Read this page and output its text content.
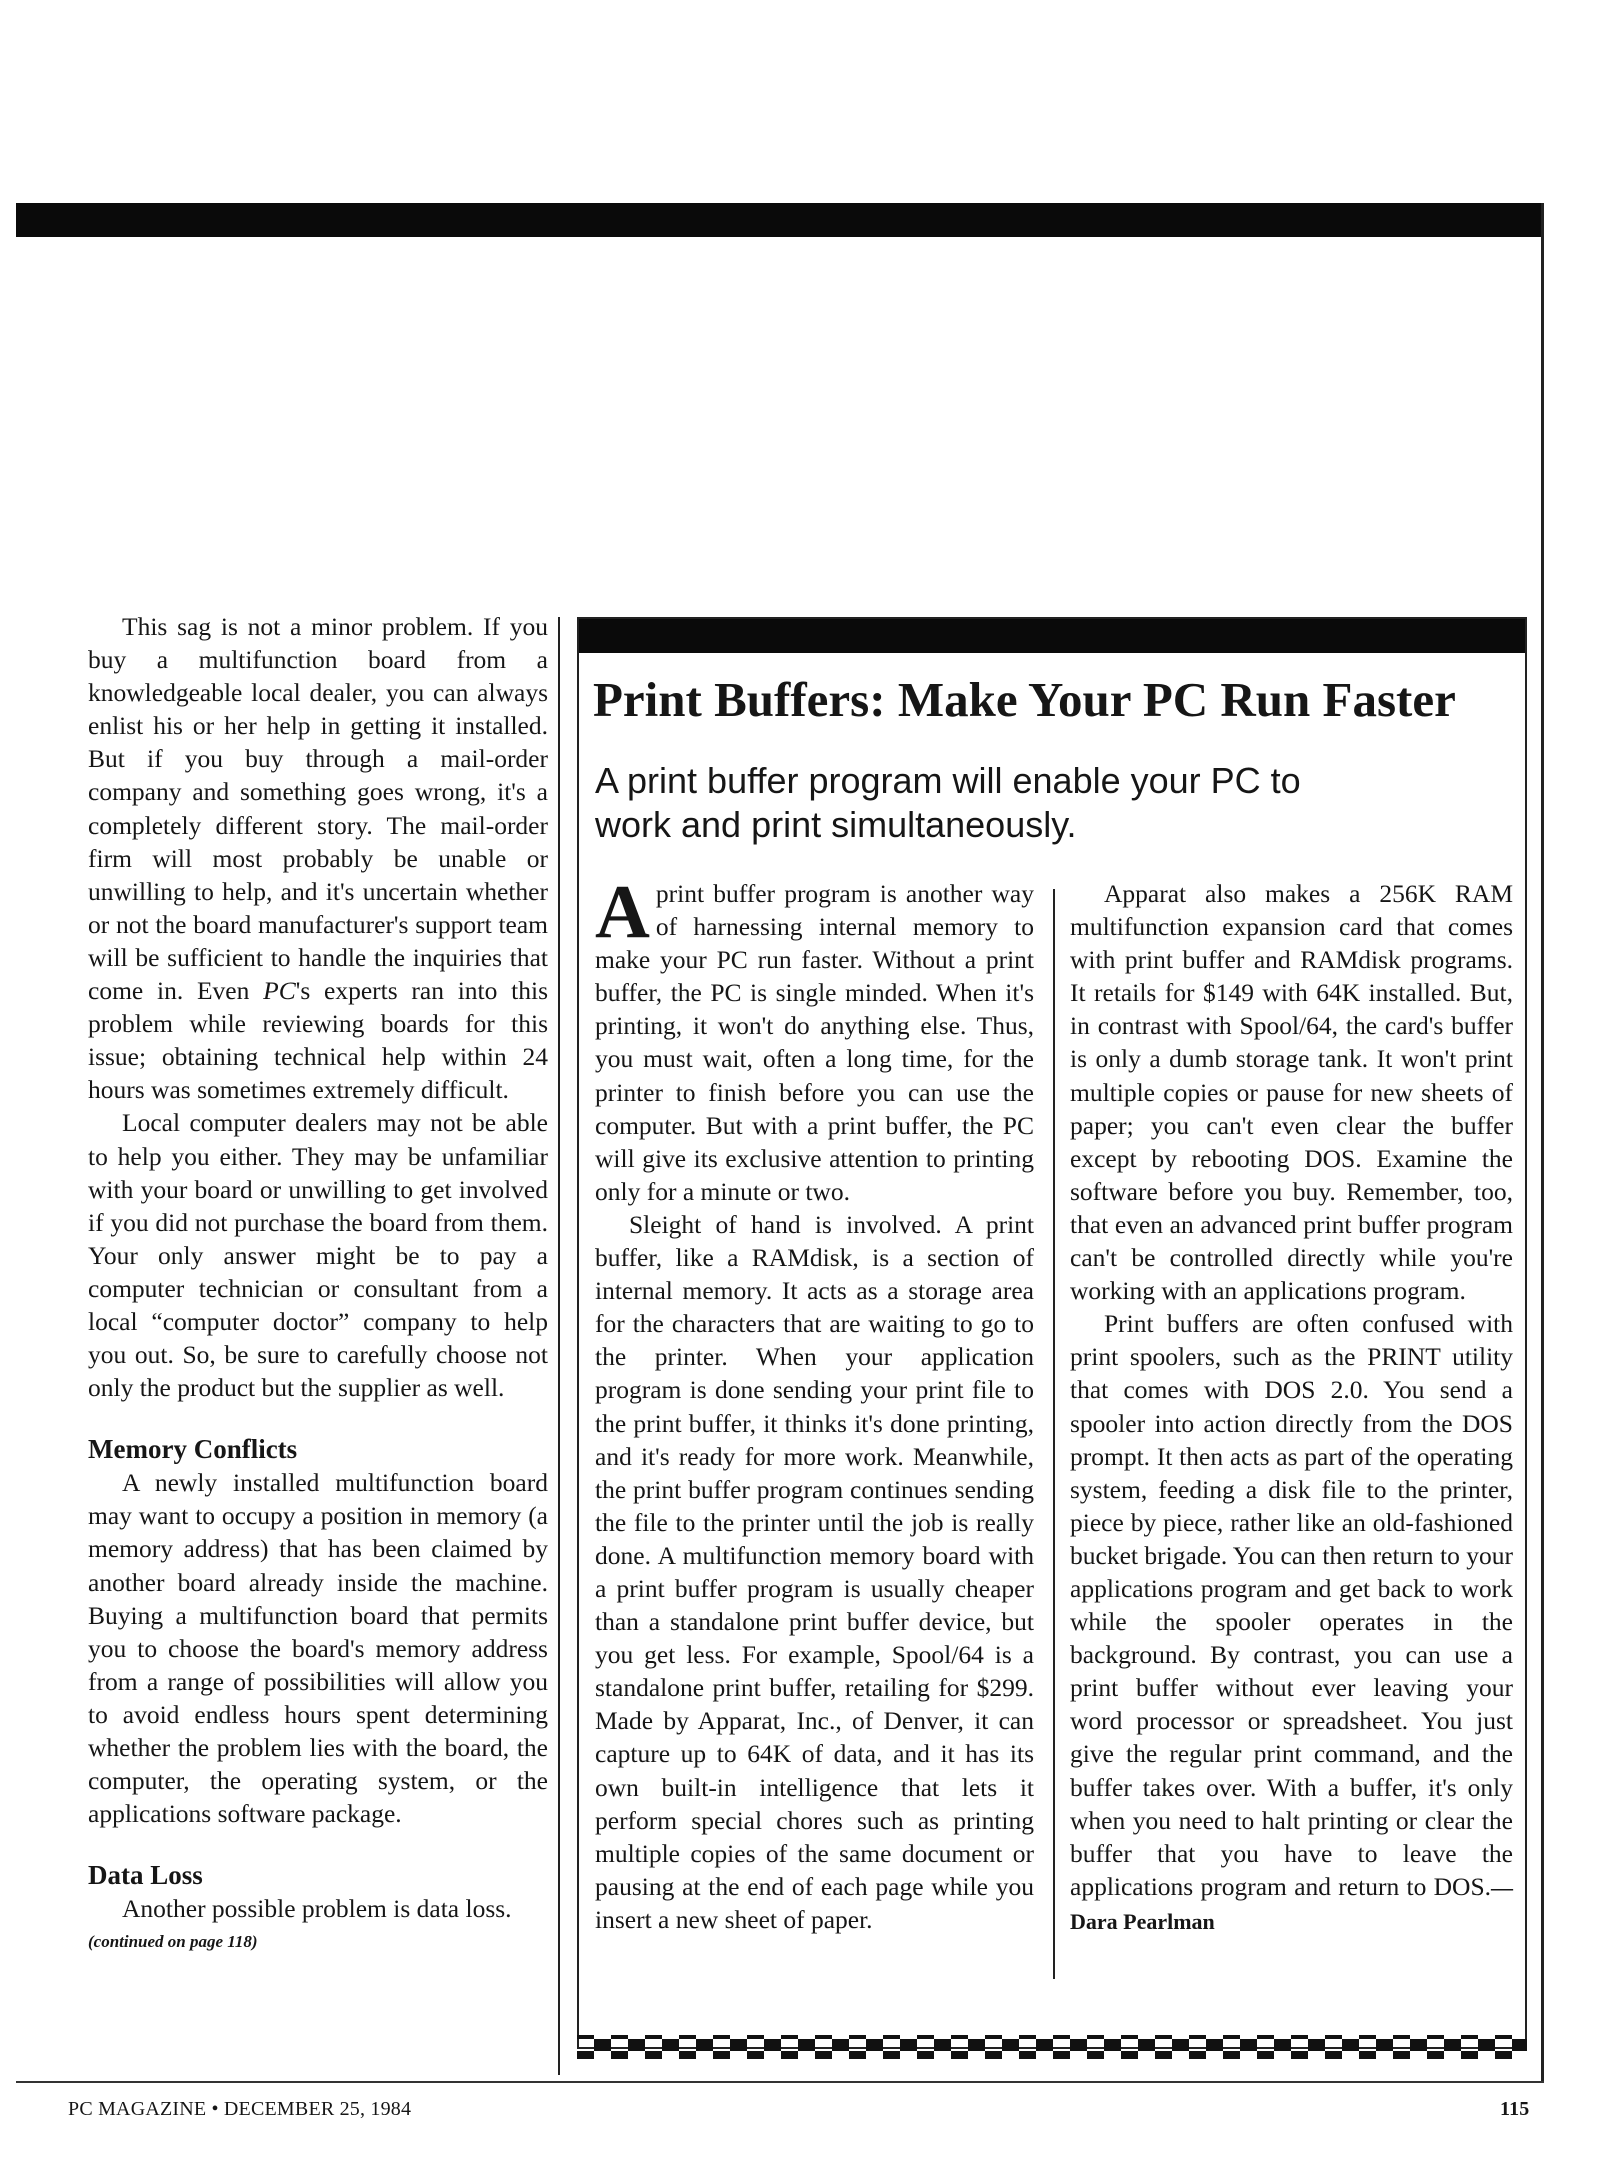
This sag is not a minor problem. If you buy a multifunction board from a knowledgeable local dealer, you can always enlist his or her help in getting it installed. But if you buy through a mail-order company and something goes wrong, it's a completely different story. The mail-order firm will most probably be unable or unwilling to help, and it's uncertain whether or not the board manufacturer's support team will be sufficient to handle the inquiries that come in. Even PC's experts ran into this problem while reviewing boards for this issue; obtaining technical help within 24 hours was sometimes extremely difficult.

Local computer dealers may not be able to help you either. They may be unfamiliar with your board or unwilling to get involved if you did not purchase the board from them. Your only answer might be to pay a computer technician or consultant from a local “computer doctor” company to help you out. So, be sure to carefully choose not only the product but the supplier as well.

Memory Conflicts

A newly installed multifunction board may want to occupy a position in memory (a memory address) that has been claimed by another board already inside the machine. Buying a multifunction board that permits you to choose the board's memory address from a range of possibilities will allow you to avoid endless hours spent determining whether the problem lies with the board, the computer, the operating system, or the applications software package.

Data Loss

Another possible problem is data loss.

(continued on page 118)
Print Buffers: Make Your PC Run Faster
A print buffer program will enable your PC to work and print simultaneously.

Aprint buffer program is another way of harnessing internal memory to make your PC run faster. Without a print buffer, the PC is single minded. When it's printing, it won't do anything else. Thus, you must wait, often a long time, for the printer to finish before you can use the computer. But with a print buffer, the PC will give its exclusive attention to printing only for a minute or two.

Sleight of hand is involved. A print buffer, like a RAMdisk, is a section of internal memory. It acts as a storage area for the characters that are waiting to go to the printer. When your application program is done sending your print file to the print buffer, it thinks it's done printing, and it's ready for more work. Meanwhile, the print buffer program continues sending the file to the printer until the job is really done. A multifunction memory board with a print buffer program is usually cheaper than a standalone print buffer device, but you get less. For example, Spool/64 is a standalone print buffer, retailing for $299. Made by Apparat, Inc., of Denver, it can capture up to 64K of data, and it has its own built-in intelligence that lets it perform special chores such as printing multiple copies of the same document or pausing at the end of each page while you insert a new sheet of paper.

Apparat also makes a 256K RAM multifunction expansion card that comes with print buffer and RAMdisk programs. It retails for $149 with 64K installed. But, in contrast with Spool/64, the card's buffer is only a dumb storage tank. It won't print multiple copies or pause for new sheets of paper; you can't even clear the buffer except by rebooting DOS. Examine the software before you buy. Remember, too, that even an advanced print buffer program can't be controlled directly while you're working with an applications program.

Print buffers are often confused with print spoolers, such as the PRINT utility that comes with DOS 2.0. You send a spooler into action directly from the DOS prompt. It then acts as part of the operating system, feeding a disk file to the printer, piece by piece, rather like an old-fashioned bucket brigade. You can then return to your applications program and get back to work while the spooler operates in the background. By contrast, you can use a print buffer without ever leaving your word processor or spreadsheet. You just give the regular print command, and the buffer takes over. With a buffer, it's only when you need to halt printing or clear the buffer that you have to leave the applications program and return to DOS.—Dara Pearlman

PC MAGAZINE • DECEMBER 25, 1984	115
